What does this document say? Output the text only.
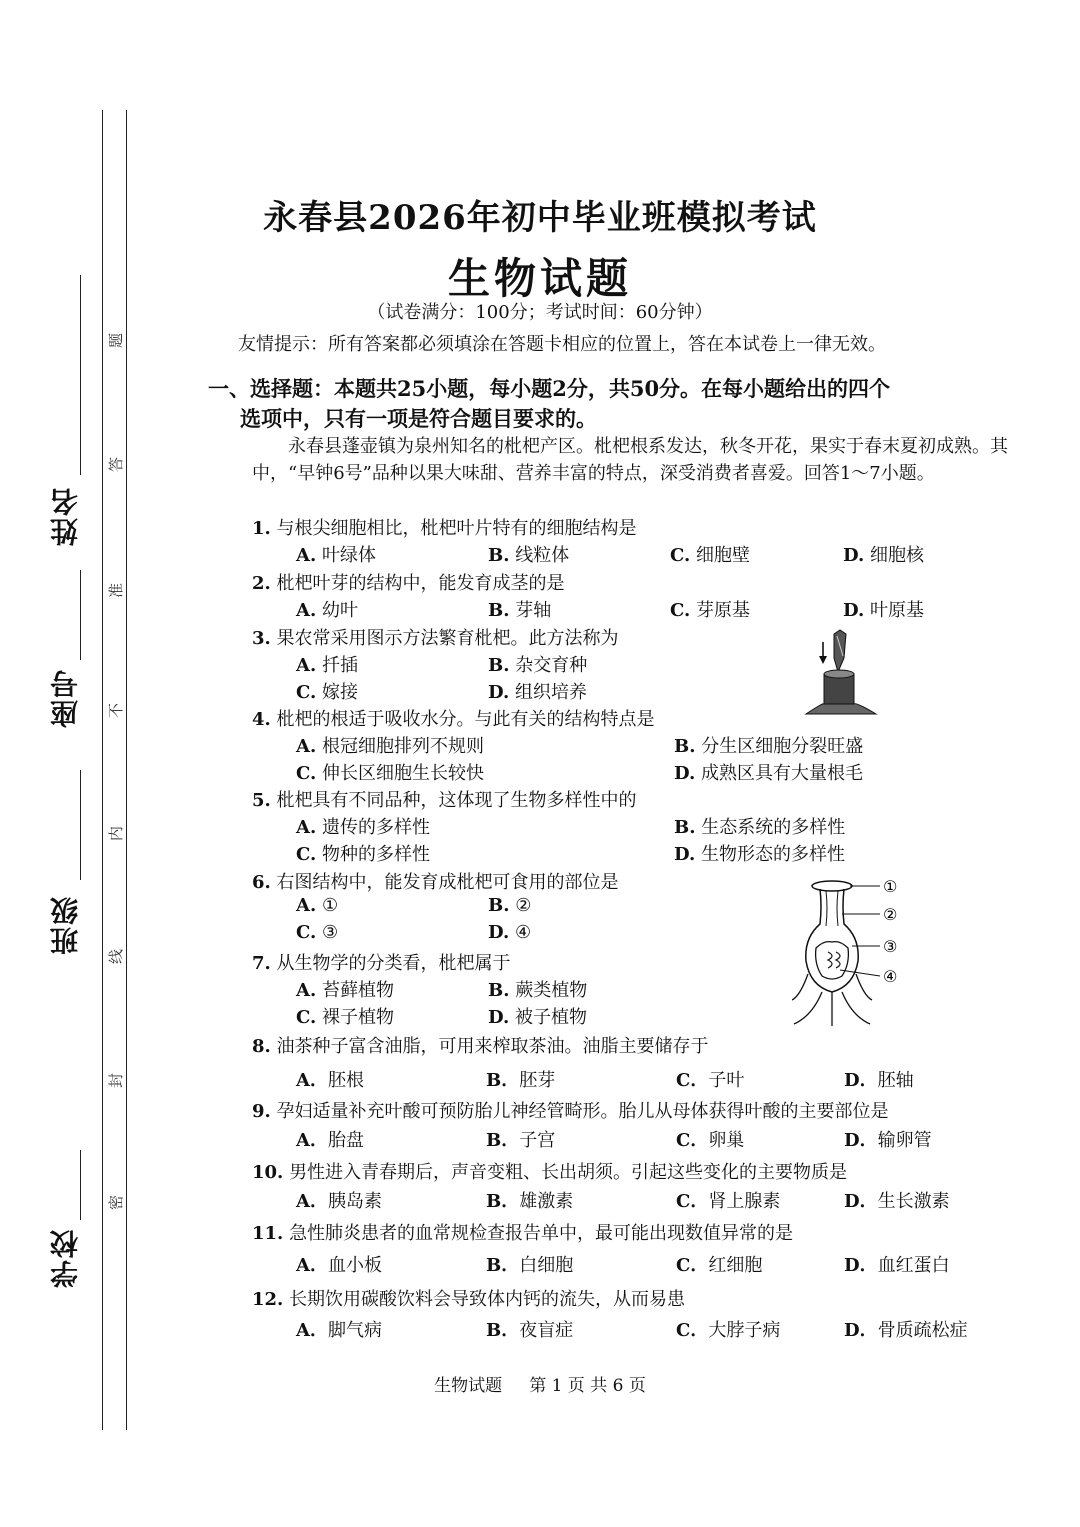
学校
班级
座号
姓名
密
封
线
内
不
准
答
题
永春县2026年初中毕业班模拟考试
生物试题
（试卷满分：100分；考试时间：60分钟）
友情提示：所有答案都必须填涂在答题卡相应的位置上，答在本试卷上一律无效。
一、选择题：本题共25小题，每小题2分，共50分。在每小题给出的四个
选项中，只有一项是符合题目要求的。
永春县蓬壶镇为泉州知名的枇杷产区。枇杷根系发达，秋冬开花，果实于春末夏初成熟。其中，“早钟6号”品种以果大味甜、营养丰富的特点，深受消费者喜爱。回答1～7小题。
1. 与根尖细胞相比，枇杷叶片特有的细胞结构是
A. 叶绿体	B. 线粒体	C. 细胞壁	D. 细胞核
2. 枇杷叶芽的结构中，能发育成茎的是
A. 幼叶	B. 芽轴	C. 芽原基	D. 叶原基
3. 果农常采用图示方法繁育枇杷。此方法称为
A. 扦插	B. 杂交育种
C. 嫁接	D. 组织培养
4. 枇杷的根适于吸收水分。与此有关的结构特点是
A. 根冠细胞排列不规则	B. 分生区细胞分裂旺盛
C. 伸长区细胞生长较快	D. 成熟区具有大量根毛
5. 枇杷具有不同品种，这体现了生物多样性中的
A. 遗传的多样性	B. 生态系统的多样性
C. 物种的多样性	D. 生物形态的多样性
6. 右图结构中，能发育成枇杷可食用的部位是
A. ①	B. ②
C. ③	D. ④
①
②
③
④
7. 从生物学的分类看，枇杷属于
A. 苔藓植物	B. 蕨类植物
C. 裸子植物	D. 被子植物
8. 油茶种子富含油脂，可用来榨取茶油。油脂主要储存于
A．胚根	B．胚芽	C．子叶	D．胚轴
9. 孕妇适量补充叶酸可预防胎儿神经管畸形。胎儿从母体获得叶酸的主要部位是
A．胎盘	B．子宫	C．卵巢	D．输卵管
10. 男性进入青春期后，声音变粗、长出胡须。引起这些变化的主要物质是
A．胰岛素	B．雄激素	C．肾上腺素	D．生长激素
11. 急性肺炎患者的血常规检查报告单中，最可能出现数值异常的是
A．血小板	B．白细胞	C．红细胞	D．血红蛋白
12. 长期饮用碳酸饮料会导致体内钙的流失，从而易患
A．脚气病	B．夜盲症	C．大脖子病	D．骨质疏松症
生物试题 第 1 页 共 6 页
